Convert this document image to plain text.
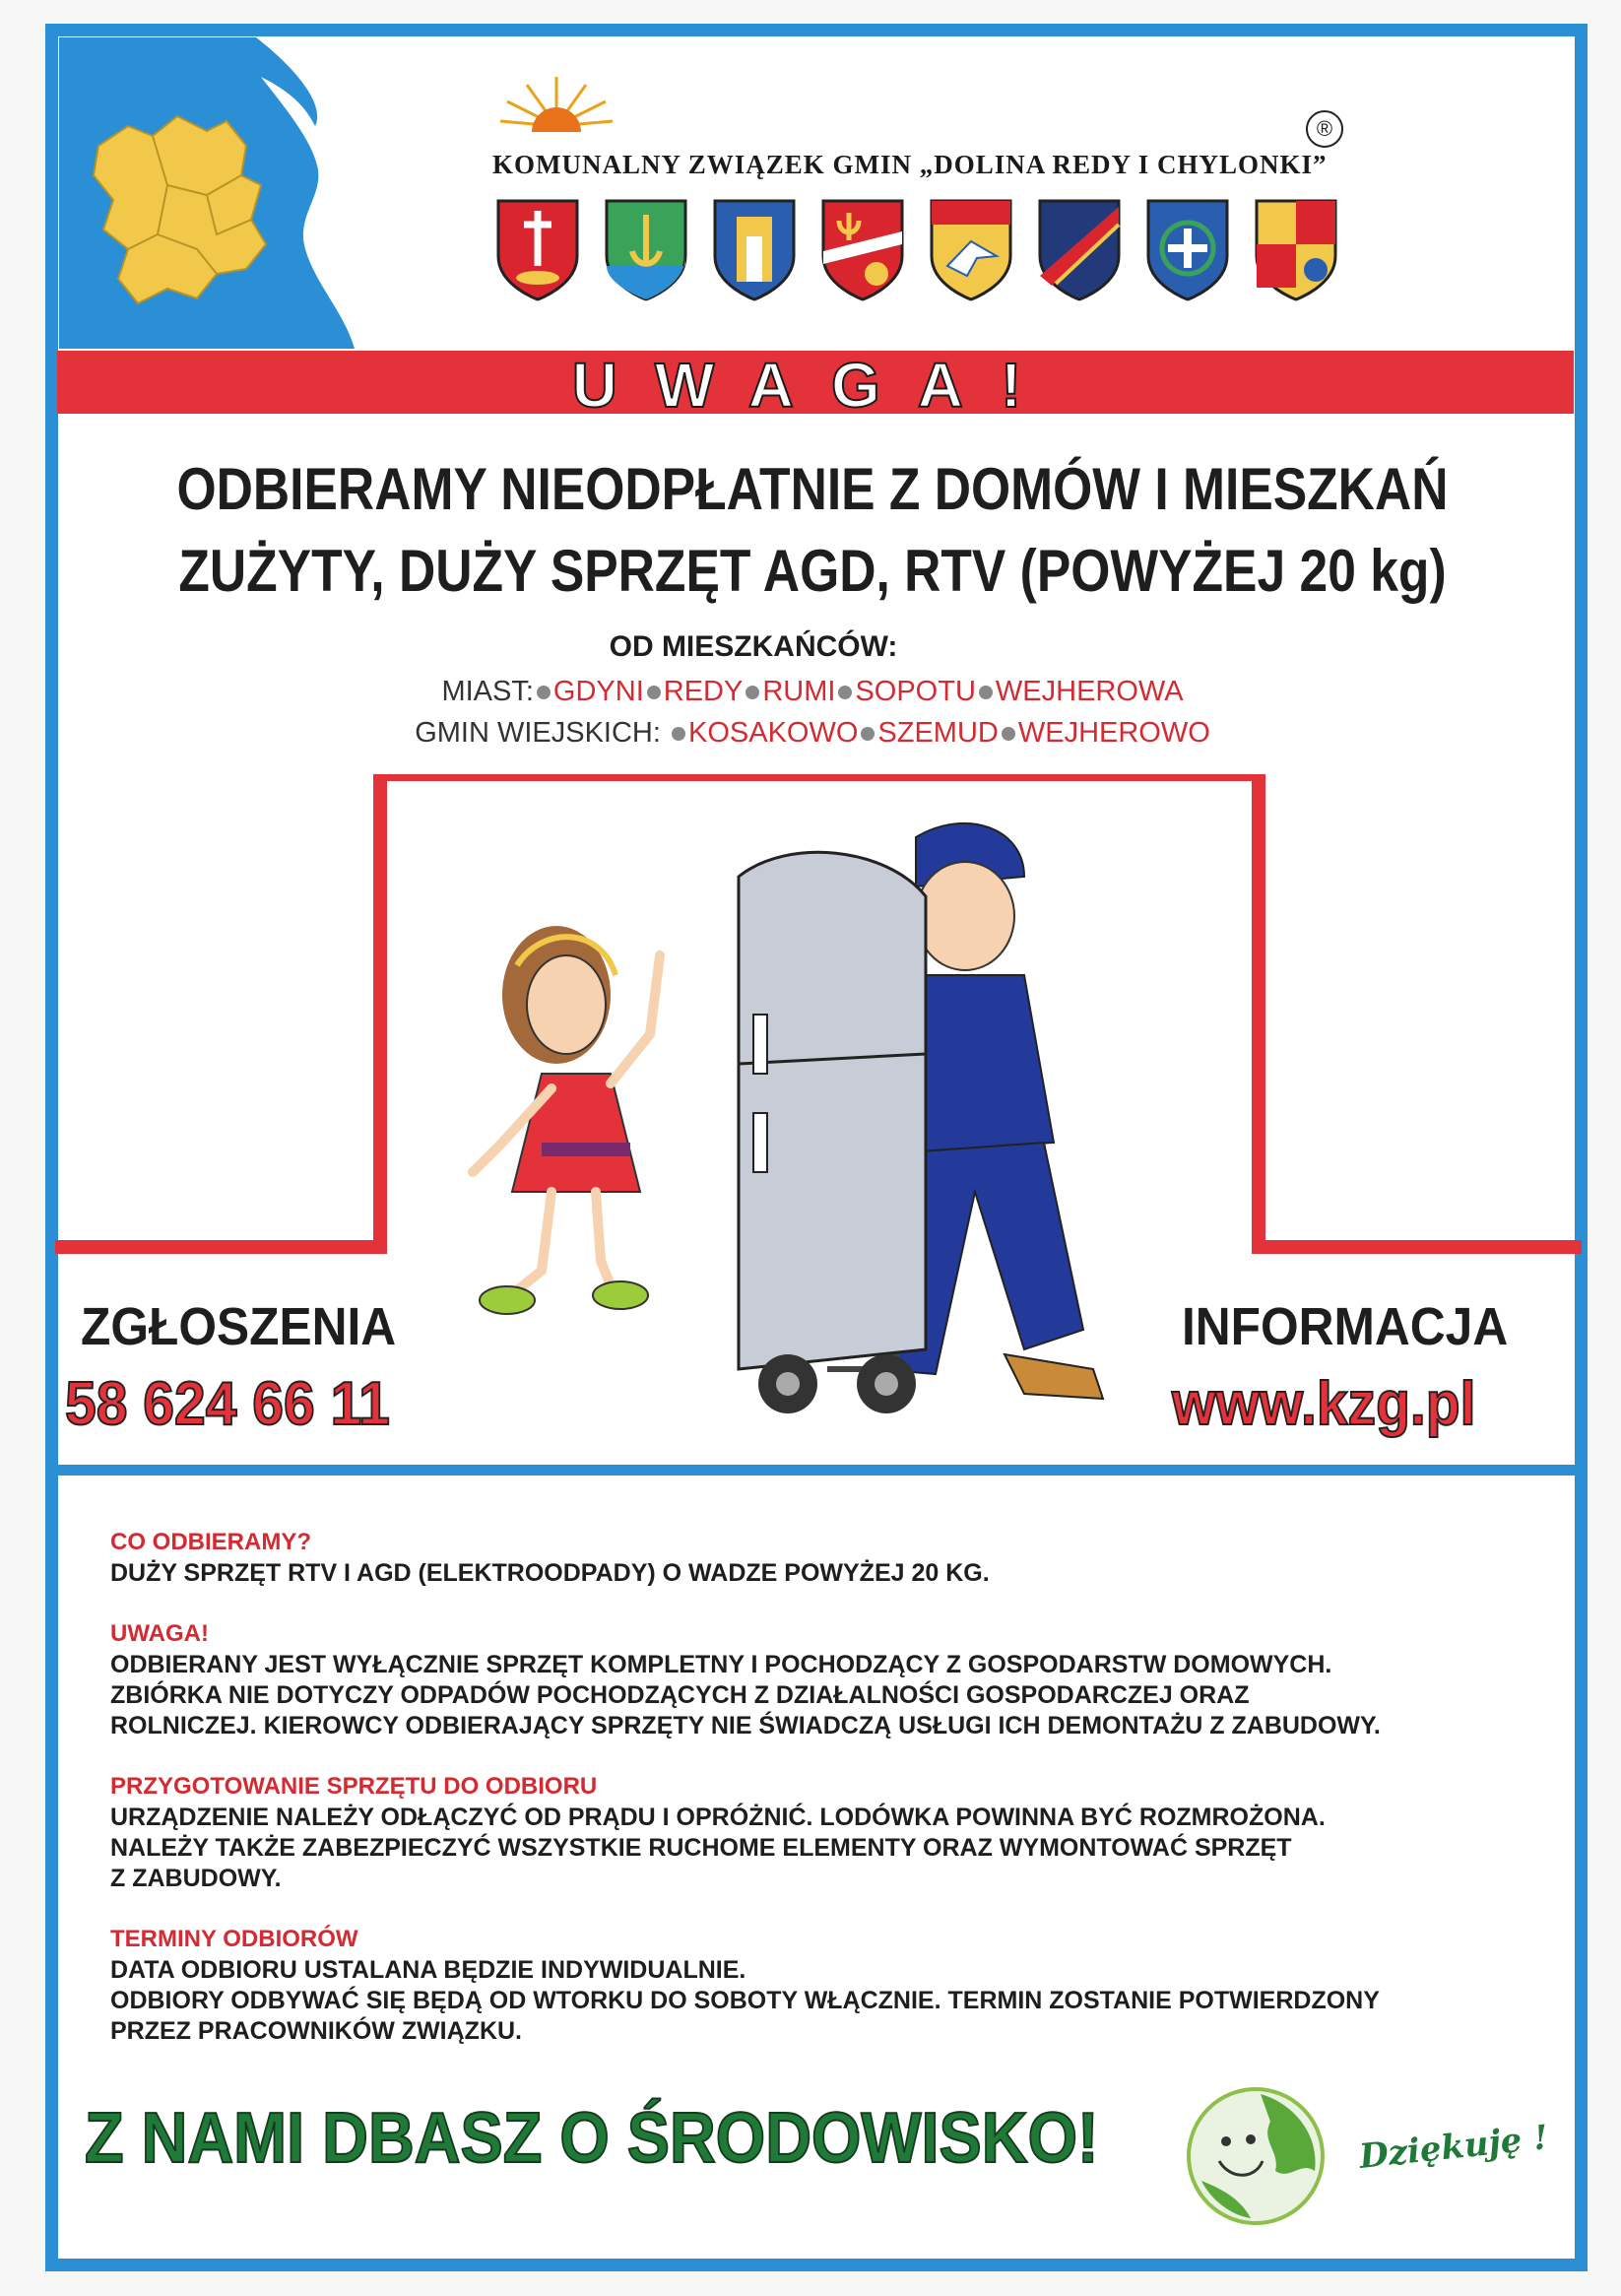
KOMUNALNY ZWIĄZEK GMIN „DOLINA REDY I CHYLONKI”
®
UWAGA!
ODBIERAMY NIEODPŁATNIE Z DOMÓW I MIESZKAŃ
ZUŻYTY, DUŻY SPRZĘT AGD, RTV (POWYŻEJ 20 kg)
OD MIESZKAŃCÓW:
MIAST: GDYNI REDY RUMI SOPOTU WEJHEROWA
GMIN WIEJSKICH: KOSAKOWO SZEMUD WEJHEROWO
ZGŁOSZENIA
58 624 66 11
INFORMACJA
www.kzg.pl
CO ODBIERAMY?
DUŻY SPRZĘT RTV I AGD (ELEKTROODPADY) O WADZE POWYŻEJ 20 KG.
UWAGA!
ODBIERANY JEST WYŁĄCZNIE SPRZĘT KOMPLETNY I POCHODZĄCY Z GOSPODARSTW DOMOWYCH.
ZBIÓRKA NIE DOTYCZY ODPADÓW POCHODZĄCYCH Z DZIAŁALNOŚCI GOSPODARCZEJ ORAZ
ROLNICZEJ. KIEROWCY ODBIERAJĄCY SPRZĘTY NIE ŚWIADCZĄ USŁUGI ICH DEMONTAŻU Z ZABUDOWY.
PRZYGOTOWANIE SPRZĘTU DO ODBIORU
URZĄDZENIE NALEŻY ODŁĄCZYĆ OD PRĄDU I OPRÓŻNIĆ. LODÓWKA POWINNA BYĆ ROZMROŻONA.
NALEŻY TAKŻE ZABEZPIECZYĆ WSZYSTKIE RUCHOME ELEMENTY ORAZ WYMONTOWAĆ SPRZĘT
Z ZABUDOWY.
TERMINY ODBIORÓW
DATA ODBIORU USTALANA BĘDZIE INDYWIDUALNIE.
ODBIORY ODBYWAĆ SIĘ BĘDĄ OD WTORKU DO SOBOTY WŁĄCZNIE. TERMIN ZOSTANIE POTWIERDZONY
PRZEZ PRACOWNIKÓW ZWIĄZKU.
Z NAMI DBASZ O ŚRODOWISKO!	Dziękuję !
